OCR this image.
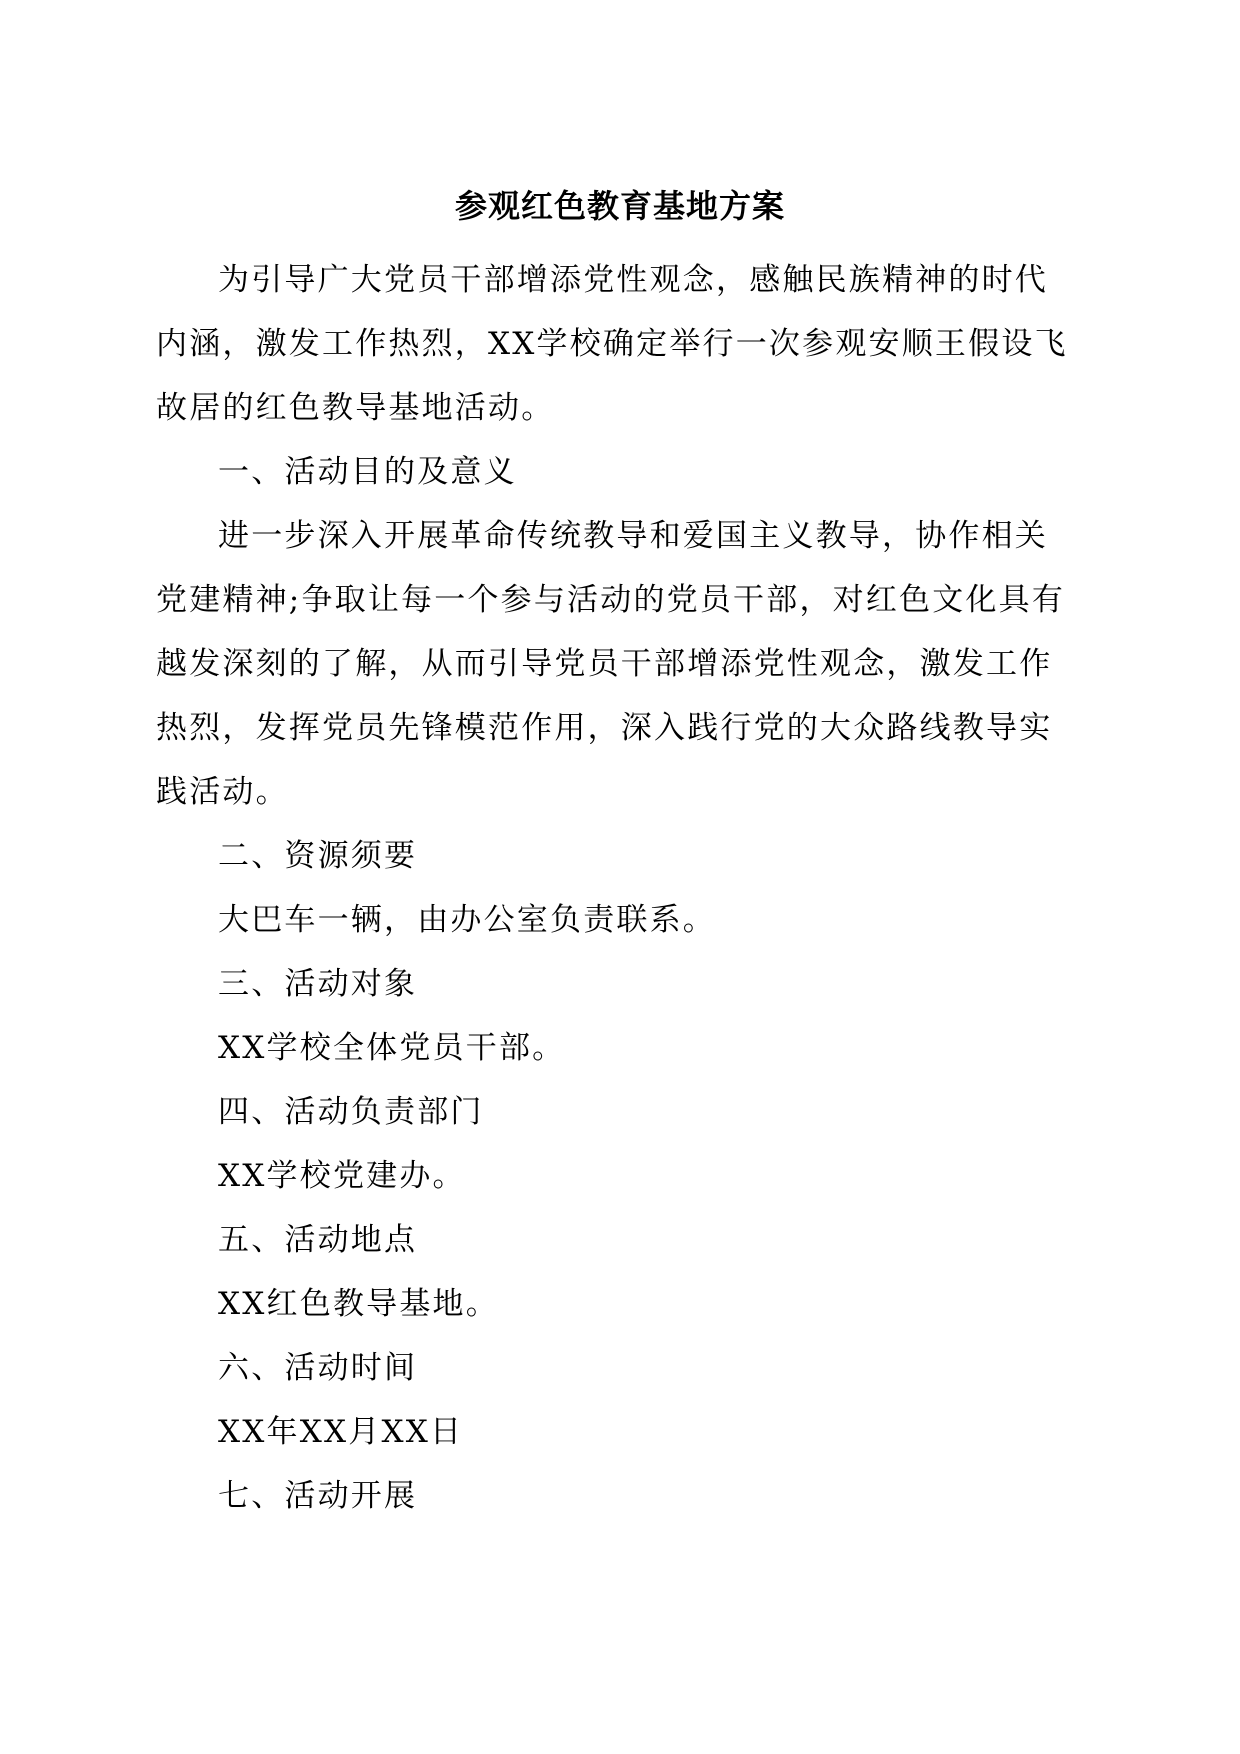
参观红色教育基地方案

为引导广大党员干部增添党性观念，感触民族精神的时代内涵，激发工作热烈，XX学校确定举行一次参观安顺王假设飞故居的红色教导基地活动。

一、活动目的及意义

进一步深入开展革命传统教导和爱国主义教导，协作相关党建精神;争取让每一个参与活动的党员干部，对红色文化具有越发深刻的了解，从而引导党员干部增添党性观念，激发工作热烈，发挥党员先锋模范作用，深入践行党的大众路线教导实践活动。

二、资源须要

大巴车一辆，由办公室负责联系。

三、活动对象

XX学校全体党员干部。

四、活动负责部门

XX学校党建办。

五、活动地点

XX红色教导基地。

六、活动时间

XX年XX月XX日

七、活动开展
